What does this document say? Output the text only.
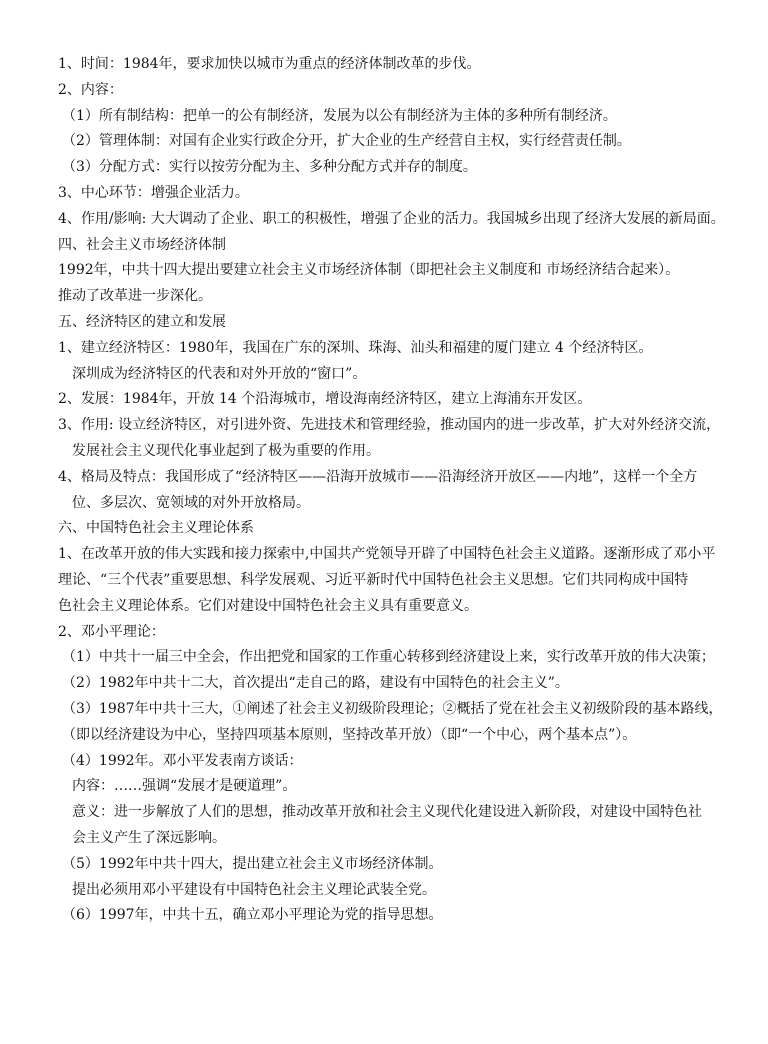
1、时间：1984年，要求加快以城市为重点的经济体制改革的步伐。
2、内容：
（1）所有制结构：把单一的公有制经济，发展为以公有制经济为主体的多种所有制经济。
（2）管理体制：对国有企业实行政企分开，扩大企业的生产经营自主权，实行经营责任制。
（3）分配方式：实行以按劳分配为主、多种分配方式并存的制度。
3、中心环节：增强企业活力。
4、作用/影响: 大大调动了企业、职工的积极性，增强了企业的活力。我国城乡出现了经济大发展的新局面。
四、社会主义市场经济体制
1992年，中共十四大提出要建立社会主义市场经济体制（即把社会主义制度和 市场经济结合起来）。
推动了改革进一步深化。
五、经济特区的建立和发展
1、建立经济特区：1980年，我国在广东的深圳、珠海、汕头和福建的厦门建立 4 个经济特区。
深圳成为经济特区的代表和对外开放的“窗口”。
2、发展：1984年，开放 14 个沿海城市，增设海南经济特区，建立上海浦东开发区。
3、作用: 设立经济特区，对引进外资、先进技术和管理经验，推动国内的进一步改革，扩大对外经济交流，
发展社会主义现代化事业起到了极为重要的作用。
4、格局及特点：我国形成了“经济特区——沿海开放城市——沿海经济开放区——内地”，这样一个全方
位、多层次、宽领域的对外开放格局。
六、中国特色社会主义理论体系
1、在改革开放的伟大实践和接力探索中,中国共产党领导开辟了中国特色社会主义道路。逐渐形成了邓小平
理论、“三个代表”重要思想、科学发展观、习近平新时代中国特色社会主义思想。它们共同构成中国特
色社会主义理论体系。它们对建设中国特色社会主义具有重要意义。
2、邓小平理论：
（1）中共十一届三中全会，作出把党和国家的工作重心转移到经济建设上来，实行改革开放的伟大决策；
（2）1982年中共十二大，首次提出“走自己的路，建设有中国特色的社会主义”。
（3）1987年中共十三大，①阐述了社会主义初级阶段理论；②概括了党在社会主义初级阶段的基本路线，
（即以经济建设为中心，坚持四项基本原则，坚持改革开放）（即“一个中心，两个基本点”）。
（4）1992年。邓小平发表南方谈话：
内容：……强调“发展才是硬道理”。
意义：进一步解放了人们的思想，推动改革开放和社会主义现代化建设进入新阶段，对建设中国特色社
会主义产生了深远影响。
（5）1992年中共十四大，提出建立社会主义市场经济体制。
提出必须用邓小平建设有中国特色社会主义理论武装全党。
（6）1997年，中共十五，确立邓小平理论为党的指导思想。
